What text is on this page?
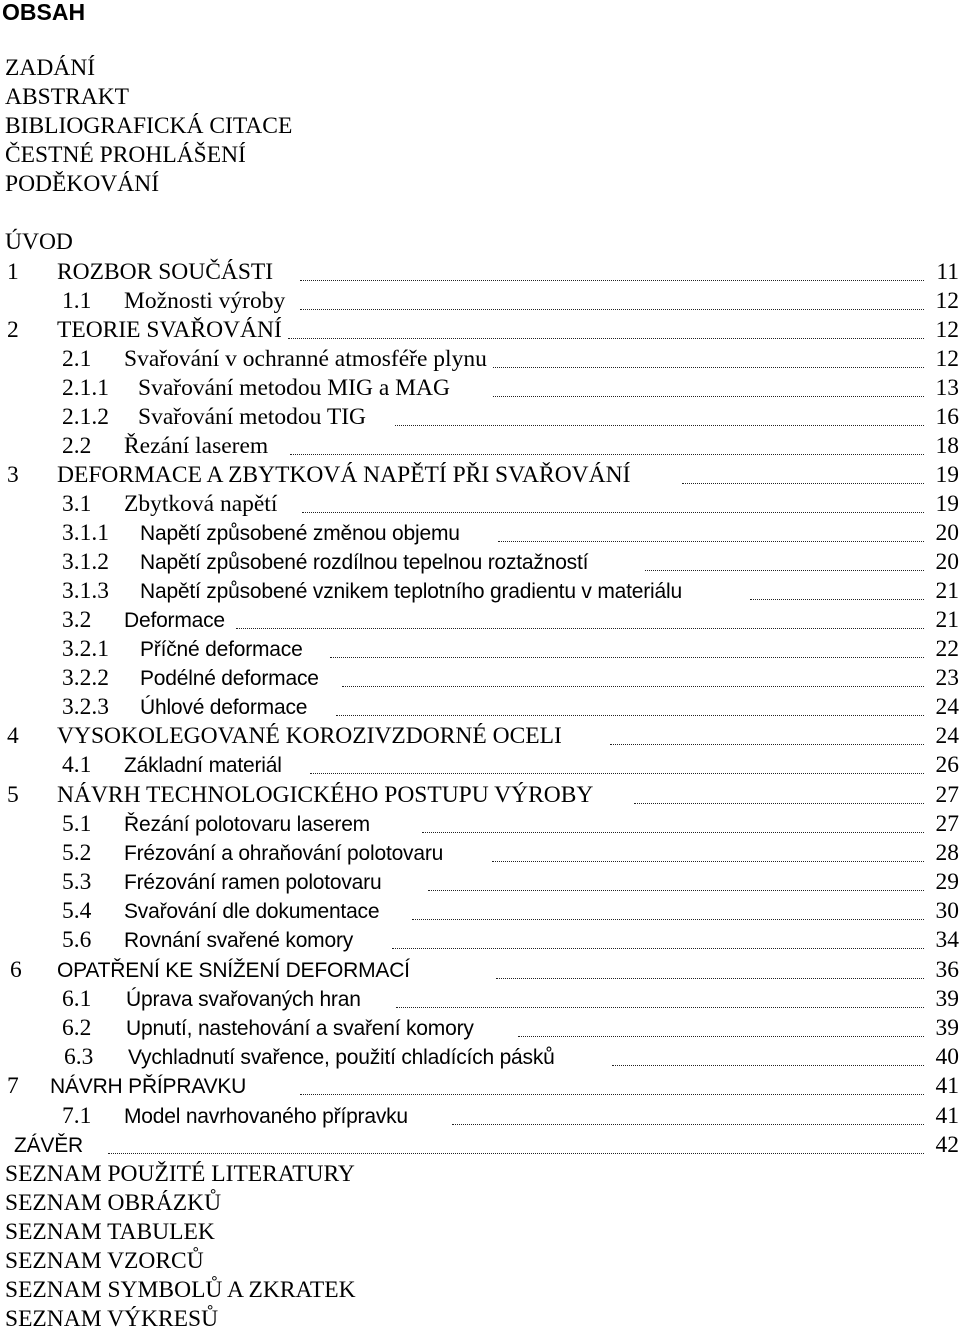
OBSAH
ZADÁNÍ
ABSTRAKT
BIBLIOGRAFICKÁ CITACE
ČESTNÉ PROHLÁŠENÍ
PODĚKOVÁNÍ
ÚVOD
1 ROZBOR SOUČÁSTI	11
1.1 Možnosti výroby	12
2 TEORIE SVAŘOVÁNÍ	12
2.1 Svařování v ochranné atmosféře plynu	12
2.1.1 Svařování metodou MIG a MAG	13
2.1.2 Svařování metodou TIG	16
2.2 Řezání laserem	18
3 DEFORMACE A ZBYTKOVÁ NAPĚTÍ PŘI SVAŘOVÁNÍ	19
3.1 Zbytková napětí	19
3.1.1 Napětí způsobené změnou objemu	20
3.1.2 Napětí způsobené rozdílnou tepelnou roztažností	20
3.1.3 Napětí způsobené vznikem teplotního gradientu v materiálu	21
3.2 Deformace	21
3.2.1 Příčné deformace	22
3.2.2 Podélné deformace	23
3.2.3 Úhlové deformace	24
4 VYSOKOLEGOVANÉ KOROZIVZDORNÉ OCELI	24
4.1 Základní materiál	26
5 NÁVRH TECHNOLOGICKÉHO POSTUPU VÝROBY	27
5.1 Řezání polotovaru laserem	27
5.2 Frézování a ohraňování polotovaru	28
5.3 Frézování ramen polotovaru	29
5.4 Svařování dle dokumentace	30
5.6 Rovnání svařené komory	34
6 OPATŘENÍ KE SNÍŽENÍ DEFORMACÍ	36
6.1 Úprava svařovaných hran	39
6.2 Upnutí, nastehování a svaření komory	39
6.3 Vychladnutí svařence, použití chladících pásků	40
7 NÁVRH PŘÍPRAVKU	41
7.1 Model navrhovaného přípravku	41
ZÁVĚR	42
SEZNAM POUŽITÉ LITERATURY
SEZNAM OBRÁZKŮ
SEZNAM TABULEK
SEZNAM VZORCŮ
SEZNAM SYMBOLŮ A ZKRATEK
SEZNAM VÝKRESŮ
